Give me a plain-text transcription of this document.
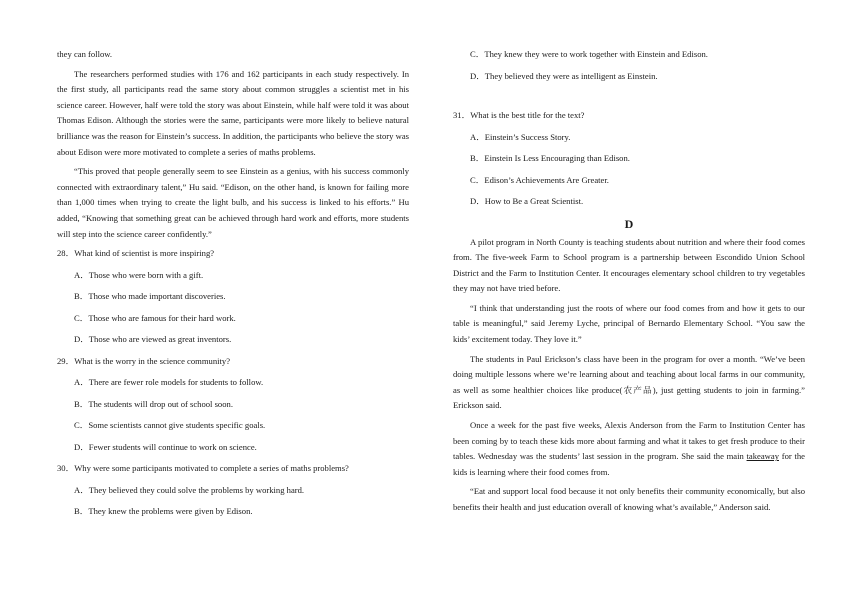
they can follow.

The researchers performed studies with 176 and 162 participants in each study respectively. In the first study, all participants read the same story about common struggles a scientist met in his science career. However, half were told the story was about Einstein, while half were told it was about Thomas Edison. Although the stories were the same, participants were more likely to believe natural brilliance was the reason for Einstein’s success. In addition, the participants who believe the story was about Edison were more motivated to complete a series of maths problems.

“This proved that people generally seem to see Einstein as a genius, with his success commonly connected with extraordinary talent,” Hu said. “Edison, on the other hand, is known for failing more than 1,000 times when trying to create the light bulb, and his success is linked to his efforts.” Hu added, “Knowing that something great can be achieved through hard work and efforts, more students will step into the science career confidently.”

28．What kind of scientist is more inspiring?

A．Those who were born with a gift.

B．Those who made important discoveries.

C．Those who are famous for their hard work.

D．Those who are viewed as great inventors.

29．What is the worry in the science community?

A．There are fewer role models for students to follow.

B．The students will drop out of school soon.

C．Some scientists cannot give students specific goals.

D．Fewer students will continue to work on science.

30．Why were some participants motivated to complete a series of maths problems?

A．They believed they could solve the problems by working hard.

B．They knew the problems were given by Edison.

C．They knew they were to work together with Einstein and Edison.

D．They believed they were as intelligent as Einstein.

31．What is the best title for the text?

A．Einstein’s Success Story.

B．Einstein Is Less Encouraging than Edison.

C．Edison’s Achievements Are Greater.

D．How to Be a Great Scientist.

D

A pilot program in North County is teaching students about nutrition and where their food comes from. The five-week Farm to School program is a partnership between Escondido Union School District and the Farm to Institution Center. It encourages elementary school children to try vegetables they may not have tried before.

“I think that understanding just the roots of where our food comes from and how it gets to our table is meaningful,” said Jeremy Lyche, principal of Bernardo Elementary School. “You saw the kids’ excitement today. They love it.”

The students in Paul Erickson’s class have been in the program for over a month. “We’ve been doing multiple lessons where we’re learning about and teaching about local farms in our community, as well as some healthier choices like produce(农产品), just getting students to join in farming.” Erickson said.

Once a week for the past five weeks, Alexis Anderson from the Farm to Institution Center has been coming by to teach these kids more about farming and what it takes to get fresh produce to their tables. Wednesday was the students’ last session in the program. She said the main takeaway for the kids is learning where their food comes from.

“Eat and support local food because it not only benefits their community economically, but also benefits their health and just education overall of knowing what’s available,” Anderson said.
